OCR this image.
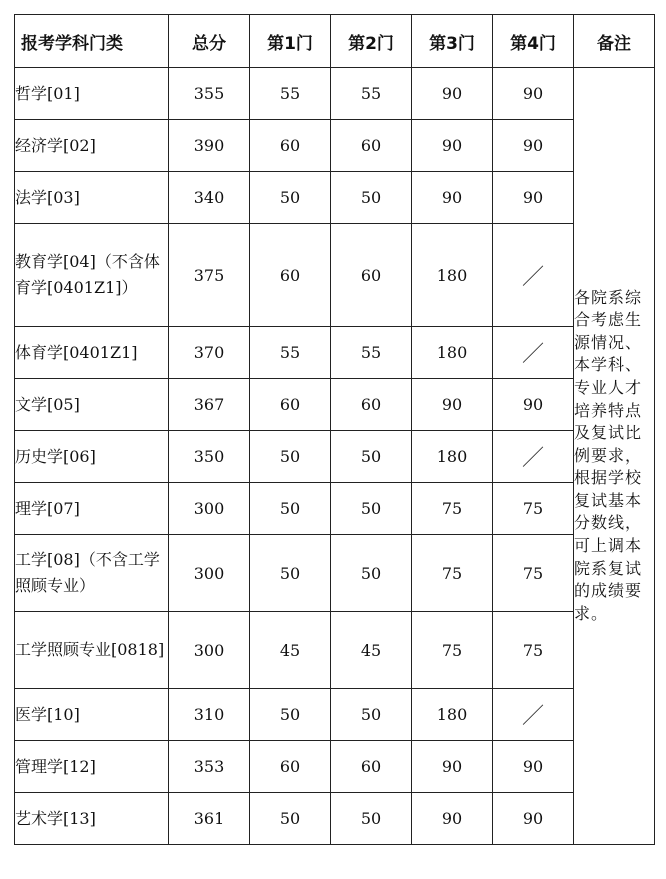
报考学科门类	总分	第1门	第2门	第3门	第4门	备注
哲学[01]	355	55	55	90	90	各院系综合考虑生源情况、本学科、专业人才培养特点及复试比例要求，根据学校复试基本分数线，可上调本院系复试的成绩要求。
经济学[02]	390	60	60	90	90	
法学[03]	340	50	50	90	90	
教育学[04]（不含体育学[0401Z1]）	375	60	60	180	／	
体育学[0401Z1]	370	55	55	180	／	
文学[05]	367	60	60	90	90	
历史学[06]	350	50	50	180	／	
理学[07]	300	50	50	75	75	
工学[08]（不含工学照顾专业）	300	50	50	75	75	
工学照顾专业[0818]	300	45	45	75	75	
医学[10]	310	50	50	180	／	
管理学[12]	353	60	60	90	90	
艺术学[13]	361	50	50	90	90	
